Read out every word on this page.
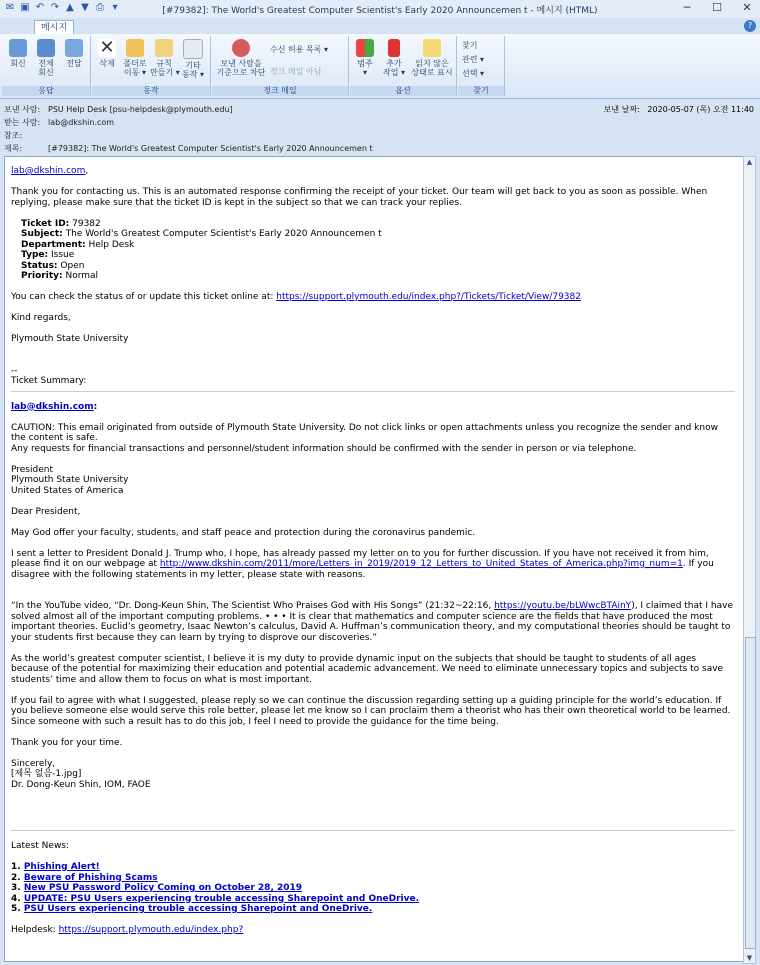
✉ ▣ ↶ ↷ ▲ ▼ ⎙ ▾	[#79382]: The World's Greatest Computer Scientist's Early 2020 Announcemen t - 메시지 (HTML)	─	☐ ✕
메시지	?
회신	전체
회신
전달
응답
✕
삭제	폴더로
이동 ▾
규칙
만들기 ▾
기타
동작 ▾
동작
보낸 사람을
기준으로 차단
수신 허용 목록 ▾
정크 메일 아님
정크 메일
범주
▾
추가
작업 ▾
읽지 않은
상태로 표시
옵션
찾기
관련 ▾
선택 ▾
찾기
보낸 사람: PSU Help Desk [psu-helpdesk@plymouth.edu]
받는 사람: lab@dkshin.com
참조:
제목:	[#79382]: The World's Greatest Computer Scientist's Early 2020 Announcemen t
보낸 날짜: 2020-05-07 (목) 오전 11:40

lab@dkshin.com,

Thank you for contacting us. This is an automated response confirming the receipt of your ticket. Our team will get back to you as soon as possible. When replying, please make sure that the ticket ID is kept in the subject so that we can track your replies.

Ticket ID: 79382
Subject: The World's Greatest Computer Scientist's Early 2020 Announcemen t
Department: Help Desk
Type: Issue
Status: Open
Priority: Normal

You can check the status of or update this ticket online at: https://support.plymouth.edu/index.php?/Tickets/Ticket/View/79382

Kind regards,

Plymouth State University

--
Ticket Summary:

lab@dkshin.com:

CAUTION: This email originated from outside of Plymouth State University. Do not click links or open attachments unless you recognize the sender and know the content is safe.

Any requests for financial transactions and personnel/student information should be confirmed with the sender in person or via telephone.

President
Plymouth State University

United States of America

Dear President,

May God offer your faculty, students, and staff peace and protection during the coronavirus pandemic.

I sent a letter to President Donald J. Trump who, I hope, has already passed my letter on to you for further discussion. If you have not received it from him, please find it on our webpage at http://www.dkshin.com/2011/more/Letters_in_2019/2019_12_Letters_to_United_States_of_America.php?img_num=1. If you disagree with the following statements in my letter, please state with reasons.

“In the YouTube video, “Dr. Dong-Keun Shin, The Scientist Who Praises God with His Songs” (21:32~22:16, https://youtu.be/bLWwcBTAinY), I claimed that I have solved almost all of the important computing problems. • • • It is clear that mathematics and computer science are the fields that have produced the most important theories. Euclid’s geometry, Isaac Newton’s calculus, David A. Huffman’s communication theory, and my computational theories should be taught to your students first because they can learn by trying to disprove our discoveries.”

As the world’s greatest computer scientist, I believe it is my duty to provide dynamic input on the subjects that should be taught to students of all ages because of the potential for maximizing their education and potential academic advancement. We need to eliminate unnecessary topics and subjects to save students’ time and allow them to focus on what is most important.

If you fail to agree with what I suggested, please reply so we can continue the discussion regarding setting up a guiding principle for the world’s education. If you believe someone else would serve this role better, please let me know so I can proclaim them a theorist who has their own theoretical world to be learned. Since someone with such a result has to do this job, I feel I need to provide the guidance for the time being.

Thank you for your time.

Sincerely,
[제목 없음-1.jpg]
Dr. Dong-Keun Shin, IOM, FAOE

Latest News:

1. Phishing Alert!
2. Beware of Phishing Scams
3. New PSU Password Policy Coming on October 28, 2019
4. UPDATE: PSU Users experiencing trouble accessing Sharepoint and OneDrive.
5. PSU Users experiencing trouble accessing Sharepoint and OneDrive.

Helpdesk: https://support.plymouth.edu/index.php?

▲
▼
